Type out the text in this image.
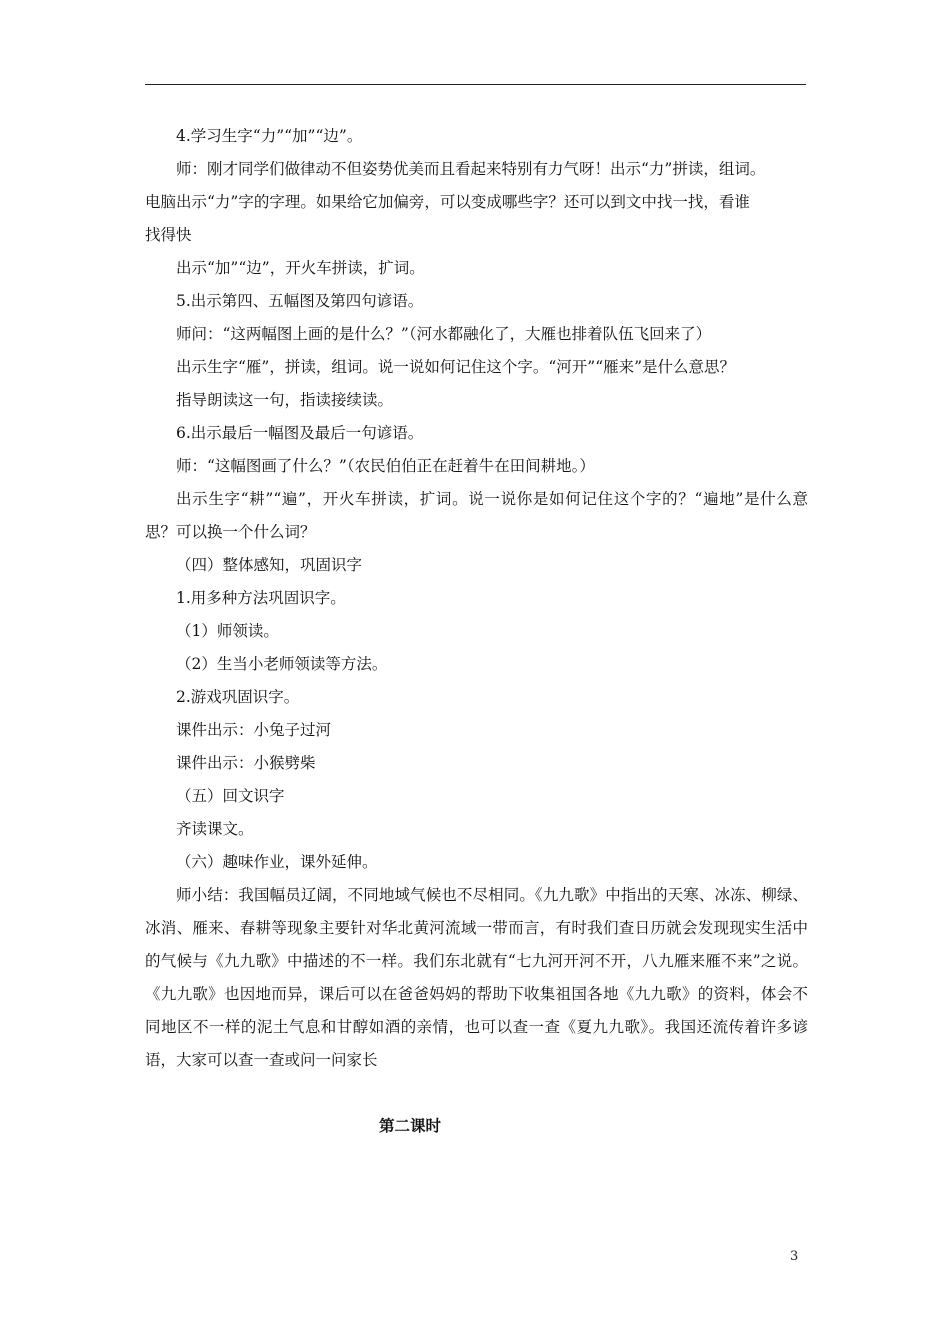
4.学习生字“力”“加”“边”。

师：刚才同学们做律动不但姿势优美而且看起来特别有力气呀！出示“力”拼读，组词。

电脑出示“力”字的字理。如果给它加偏旁，可以变成哪些字？还可以到文中找一找，看谁

找得快

出示“加”“边”，开火车拼读，扩词。

5.出示第四、五幅图及第四句谚语。

师问：“这两幅图上画的是什么？”（河水都融化了，大雁也排着队伍飞回来了）

出示生字“雁”，拼读，组词。说一说如何记住这个字。“河开”“雁来”是什么意思？

指导朗读这一句，指读接续读。

6.出示最后一幅图及最后一句谚语。

师：“这幅图画了什么？”（农民伯伯正在赶着牛在田间耕地。）

出示生字“耕”“遍”，开火车拼读，扩词。说一说你是如何记住这个字的？“遍地”是什么意思？可以换一个什么词？

（四）整体感知，巩固识字

1.用多种方法巩固识字。

（1）师领读。

（2）生当小老师领读等方法。

2.游戏巩固识字。

课件出示：小兔子过河

课件出示：小猴劈柴

（五）回文识字

齐读课文。

（六）趣味作业，课外延伸。

师小结：我国幅员辽阔，不同地域气候也不尽相同。《九九歌》中指出的天寒、冰冻、柳绿、冰消、雁来、春耕等现象主要针对华北黄河流域一带而言，有时我们查日历就会发现现实生活中的气候与《九九歌》中描述的不一样。我们东北就有“七九河开河不开，八九雁来雁不来”之说。《九九歌》也因地而异，课后可以在爸爸妈妈的帮助下收集祖国各地《九九歌》的资料，体会不同地区不一样的泥土气息和甘醇如酒的亲情，也可以查一查《夏九九歌》。我国还流传着许多谚语，大家可以查一查或问一问家长

第二课时

3
